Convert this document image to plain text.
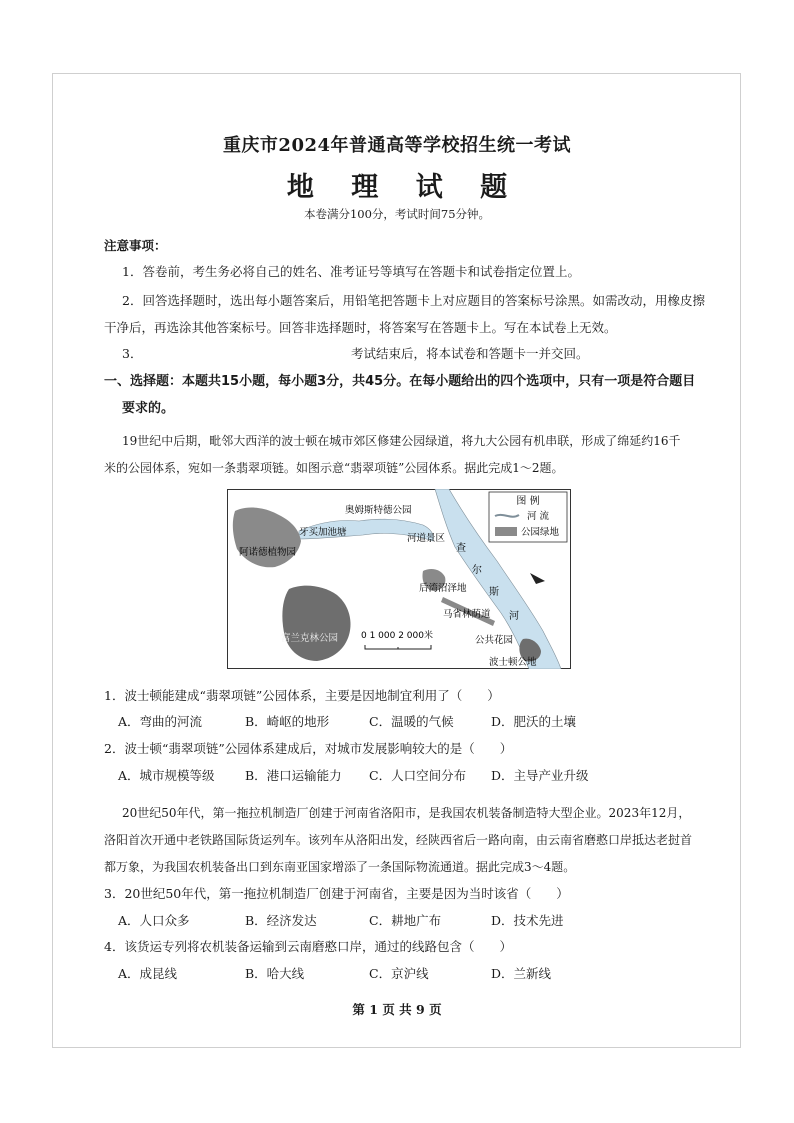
重庆市2024年普通高等学校招生统一考试
地 理 试 题
本卷满分100分，考试时间75分钟。
注意事项：
1．答卷前，考生务必将自己的姓名、准考证号等填写在答题卡和试卷指定位置上。
2．回答选择题时，选出每小题答案后，用铅笔把答题卡上对应题目的答案标号涂黑。如需改动，用橡皮擦
干净后，再选涂其他答案标号。回答非选择题时，将答案写在答题卡上。写在本试卷上无效。
3．	考试结束后，将本试卷和答题卡一并交回。
一、选择题：本题共15小题，每小题3分，共45分。在每小题给出的四个选项中，只有一项是符合题目
要求的。
19世纪中后期，毗邻大西洋的波士顿在城市郊区修建公园绿道，将九大公园有机串联，形成了绵延约16千
米的公园体系，宛如一条翡翠项链。如图示意“翡翠项链”公园体系。据此完成1～2题。
图 例
河 流
公园绿地
奥姆斯特德公园
牙买加池塘
阿诺德植物园
河道景区
后湾沼泽地
马省林荫道
公共花园
波士顿公地
富兰克林公园
查
尔
斯
河
0 1 000 2 000米
1．波士顿能建成“翡翠项链”公园体系，主要是因地制宜利用了（　　）
A．弯曲的河流	B．崎岖的地形	C．温暖的气候	D．肥沃的土壤
2．波士顿“翡翠项链”公园体系建成后，对城市发展影响较大的是（　　）
A．城市规模等级 B．港口运输能力 C．人口空间分布 D．主导产业升级
20世纪50年代，第一拖拉机制造厂创建于河南省洛阳市，是我国农机装备制造特大型企业。2023年12月，
洛阳首次开通中老铁路国际货运列车。该列车从洛阳出发，经陕西省后一路向南，由云南省磨憨口岸抵达老挝首
都万象，为我国农机装备出口到东南亚国家增添了一条国际物流通道。据此完成3～4题。
3．20世纪50年代，第一拖拉机制造厂创建于河南省，主要是因为当时该省（　　）
A．人口众多	B．经济发达	C．耕地广布	D．技术先进
4．该货运专列将农机装备运输到云南磨憨口岸，通过的线路包含（　　）
A．成昆线	B．哈大线	C．京沪线	D．兰新线
第 1 页 共 9 页
